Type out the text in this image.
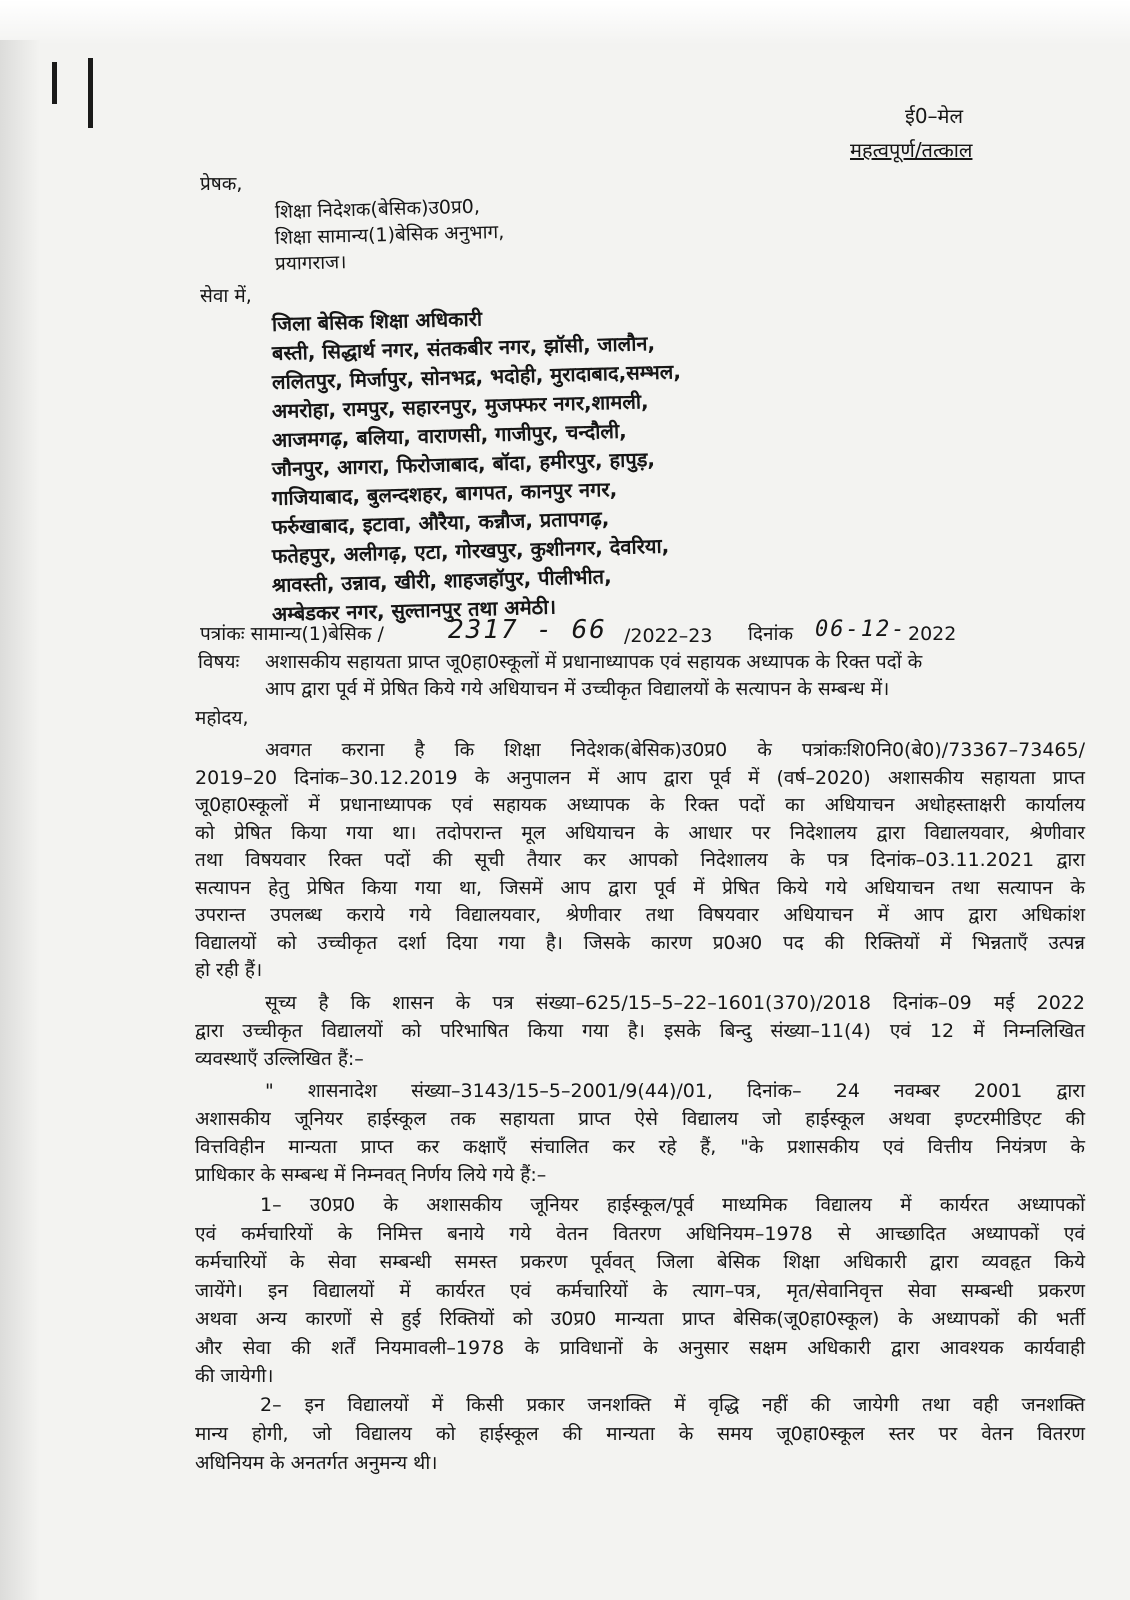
ई0–मेल
महत्वपूर्ण/तत्काल
प्रेषक,
शिक्षा निदेशक(बेसिक)उ0प्र0,
शिक्षा सामान्य(1)बेसिक अनुभाग,
प्रयागराज।
सेवा में,
जिला बेसिक शिक्षा अधिकारी
बस्ती, सिद्धार्थ नगर, संतकबीर नगर, झॉसी, जालौन,
ललितपुर, मिर्जापुर, सोनभद्र, भदोही, मुरादाबाद,सम्भल,
अमरोहा, रामपुर, सहारनपुर, मुजफ्फर नगर,शामली,
आजमगढ़, बलिया, वाराणसी, गाजीपुर, चन्दौली,
जौनपुर, आगरा, फिरोजाबाद, बॉदा, हमीरपुर, हापुड़,
गाजियाबाद, बुलन्दशहर, बागपत, कानपुर नगर,
फर्रुखाबाद, इटावा, औरैया, कन्नौज, प्रतापगढ़,
फतेहपुर, अलीगढ़, एटा, गोरखपुर, कुशीनगर, देवरिया,
श्रावस्ती, उन्नाव, खीरी, शाहजहॉपुर, पीलीभीत,
अम्बेडकर नगर, सुल्तानपुर तथा अमेठी।
पत्रांकः सामान्य(1)बेसिक / 2317 - 66 /2022–23 दिनांक 06-12- 2022
विषयः अशासकीय सहायता प्राप्त जू0हा0स्कूलों में प्रधानाध्यापक एवं सहायक अध्यापक के रिक्त पदों के
आप द्वारा पूर्व में प्रेषित किये गये अधियाचन में उच्चीकृत विद्यालयों के सत्यापन के सम्बन्ध में।
महोदय,
अवगत कराना है कि शिक्षा निदेशक(बेसिक)उ0प्र0 के पत्रांकःशि0नि0(बे0)/73367–73465/
2019–20 दिनांक–30.12.2019 के अनुपालन में आप द्वारा पूर्व में (वर्ष–2020) अशासकीय सहायता प्राप्त
जू0हा0स्कूलों में प्रधानाध्यापक एवं सहायक अध्यापक के रिक्त पदों का अधियाचन अधोहस्ताक्षरी कार्यालय
को प्रेषित किया गया था। तदोपरान्त मूल अधियाचन के आधार पर निदेशालय द्वारा विद्यालयवार, श्रेणीवार
तथा विषयवार रिक्त पदों की सूची तैयार कर आपको निदेशालय के पत्र दिनांक–03.11.2021 द्वारा
सत्यापन हेतु प्रेषित किया गया था, जिसमें आप द्वारा पूर्व में प्रेषित किये गये अधियाचन तथा सत्यापन के
उपरान्त उपलब्ध कराये गये विद्यालयवार, श्रेणीवार तथा विषयवार अधियाचन में आप द्वारा अधिकांश
विद्यालयों को उच्चीकृत दर्शा दिया गया है। जिसके कारण प्र0अ0 पद की रिक्तियों में भिन्नताएँ उत्पन्न
हो रही हैं।
सूच्य है कि शासन के पत्र संख्या–625/15–5–22–1601(370)/2018 दिनांक–09 मई 2022
द्वारा उच्चीकृत विद्यालयों को परिभाषित किया गया है। इसके बिन्दु संख्या–11(4) एवं 12 में निम्नलिखित
व्यवस्थाएँ उल्लिखित हैं:–
" शासनादेश संख्या–3143/15–5–2001/9(44)/01, दिनांक– 24 नवम्बर 2001 द्वारा
अशासकीय जूनियर हाईस्कूल तक सहायता प्राप्त ऐसे विद्यालय जो हाईस्कूल अथवा इण्टरमीडिएट की
वित्तविहीन मान्यता प्राप्त कर कक्षाएँ संचालित कर रहे हैं, "के प्रशासकीय एवं वित्तीय नियंत्रण के
प्राधिकार के सम्बन्ध में निम्नवत् निर्णय लिये गये हैं:–
1– उ0प्र0 के अशासकीय जूनियर हाईस्कूल/पूर्व माध्यमिक विद्यालय में कार्यरत अध्यापकों
एवं कर्मचारियों के निमित्त बनाये गये वेतन वितरण अधिनियम–1978 से आच्छादित अध्यापकों एवं
कर्मचारियों के सेवा सम्बन्धी समस्त प्रकरण पूर्ववत् जिला बेसिक शिक्षा अधिकारी द्वारा व्यवहृत किये
जायेंगे। इन विद्यालयों में कार्यरत एवं कर्मचारियों के त्याग–पत्र, मृत/सेवानिवृत्त सेवा सम्बन्धी प्रकरण
अथवा अन्य कारणों से हुई रिक्तियों को उ0प्र0 मान्यता प्राप्त बेसिक(जू0हा0स्कूल) के अध्यापकों की भर्ती
और सेवा की शर्तें नियमावली–1978 के प्राविधानों के अनुसार सक्षम अधिकारी द्वारा आवश्यक कार्यवाही
की जायेगी।
2– इन विद्यालयों में किसी प्रकार जनशक्ति में वृद्धि नहीं की जायेगी तथा वही जनशक्ति
मान्य होगी, जो विद्यालय को हाईस्कूल की मान्यता के समय जू0हा0स्कूल स्तर पर वेतन वितरण
अधिनियम के अनतर्गत अनुमन्य थी।
